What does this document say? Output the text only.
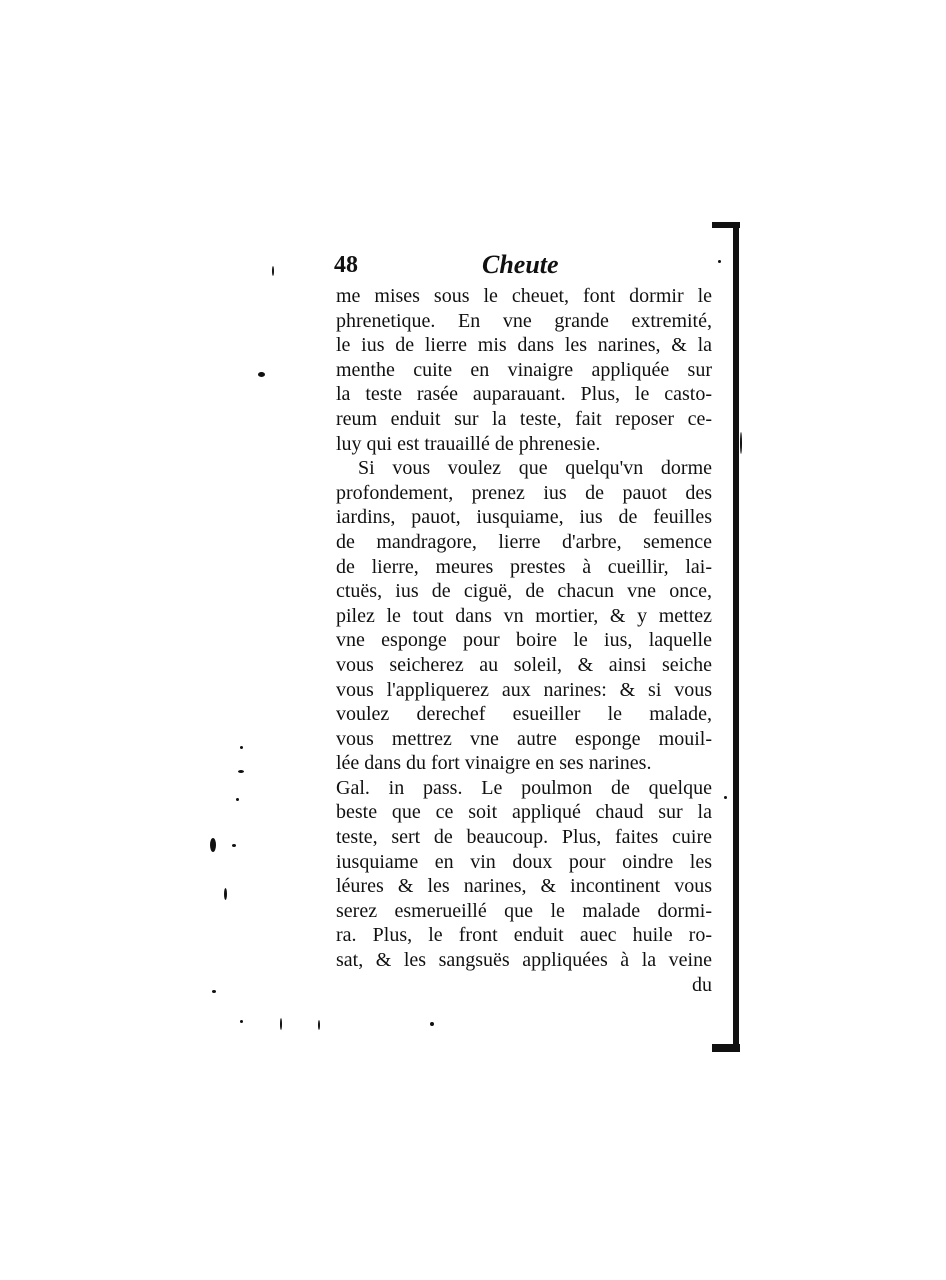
48	Cheute
me mises sous le cheuet, font dormir le
phrenetique. En vne grande extremité,
le ius de lierre mis dans les narines, & la
menthe cuite en vinaigre appliquée sur
la teste rasée auparauant. Plus, le casto-
reum enduit sur la teste, fait reposer ce-
luy qui est trauaillé de phrenesie.
Si vous voulez que quelqu'vn dorme
profondement, prenez ius de pauot des
iardins, pauot, iusquiame, ius de feuilles
de mandragore, lierre d'arbre, semence
de lierre, meures prestes à cueillir, lai-
ctuës, ius de ciguë, de chacun vne once,
pilez le tout dans vn mortier, & y mettez
vne esponge pour boire le ius, laquelle
vous seicherez au soleil, & ainsi seiche
vous l'appliquerez aux narines: & si vous
voulez derechef esueiller le malade,
vous mettrez vne autre esponge mouil-
lée dans du fort vinaigre en ses narines.
Gal. in pass. Le poulmon de quelque
beste que ce soit appliqué chaud sur la
teste, sert de beaucoup. Plus, faites cuire
iusquiame en vin doux pour oindre les
léures & les narines, & incontinent vous
serez esmerueillé que le malade dormi-
ra. Plus, le front enduit auec huile ro-
sat, & les sangsuës appliquées à la veine
du
